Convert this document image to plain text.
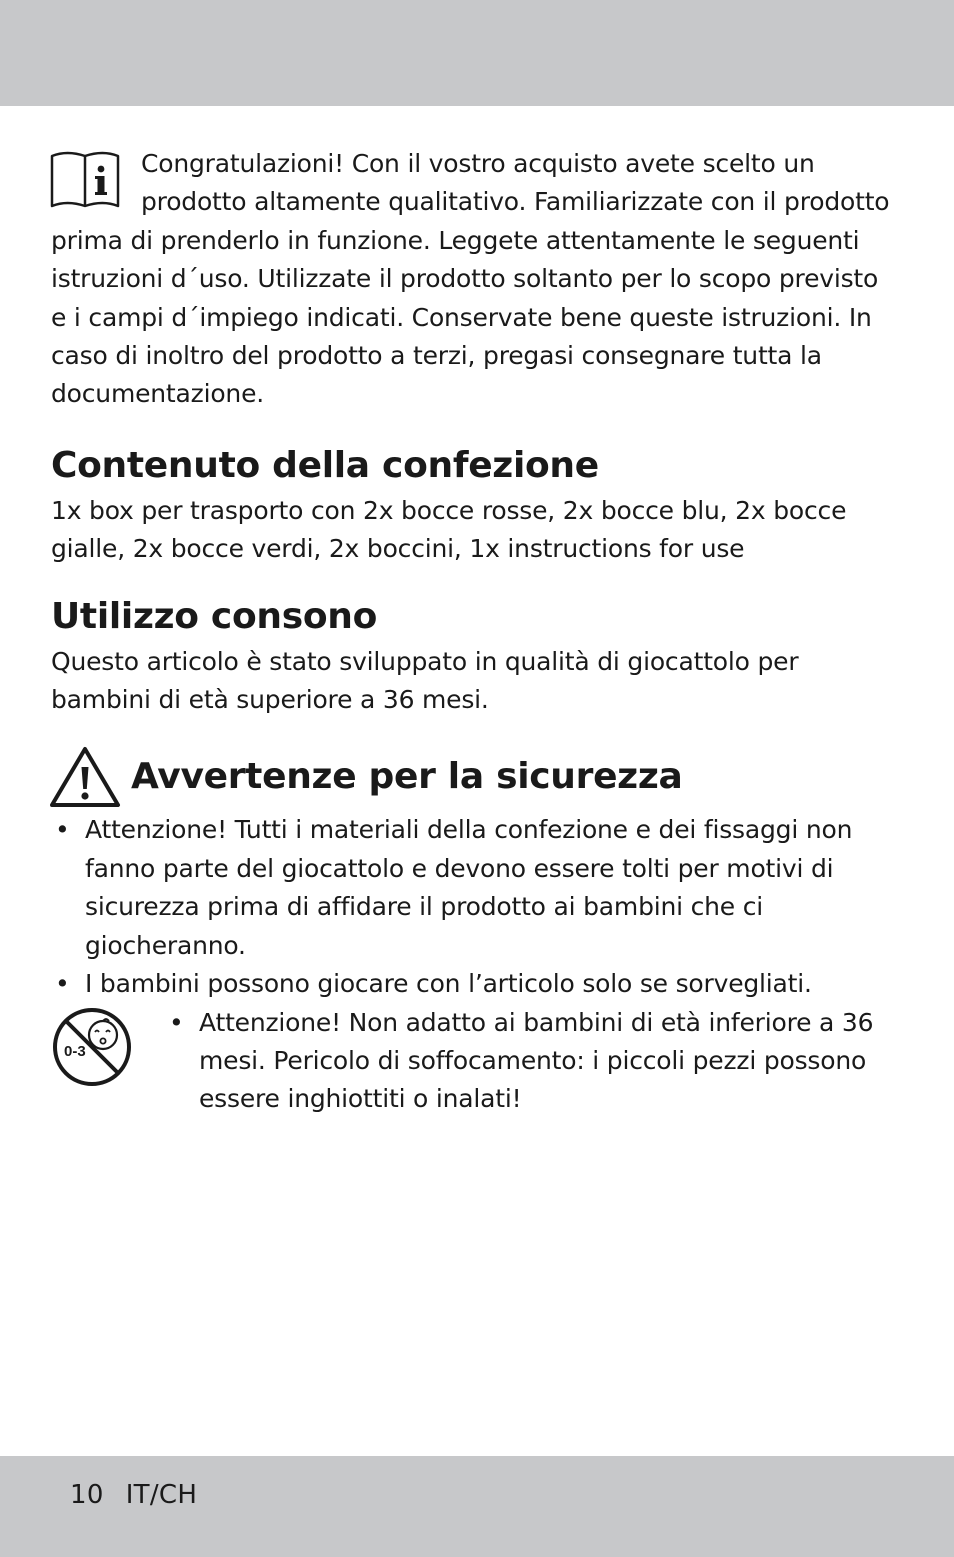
Congratulazioni! Con il vostro acquisto avete scelto un prodotto altamente qualitativo. Familiarizzate con il prodotto prima di prenderlo in funzione. Leggete attentamente le seguenti istruzioni d´uso. Utilizzate il prodotto soltanto per lo scopo previsto e i campi d´impiego indicati. Conservate bene queste istruzioni. In caso di inoltro del prodotto a terzi, pregasi consegnare tutta la documentazione.

Contenuto della confezione

1x box per trasporto con 2x bocce rosse, 2x bocce blu, 2x bocce gialle, 2x bocce verdi, 2x boccini, 1x instructions for use

Utilizzo consono

Questo articolo è stato sviluppato in qualità di giocattolo per bambini di età superiore a 36 mesi.

Avvertenze per la sicurezza
• Attenzione! Tutti i materiali della confezione e dei fissaggi non fanno parte del giocattolo e devono essere tolti per motivi di sicurezza prima di affidare il prodotto ai bambini che ci giocheranno.
• I bambini possono giocare con l’articolo solo se sorvegliati.
0-3
• Attenzione! Non adatto ai bambini di età inferiore a 36 mesi. Pericolo di soffocamento: i piccoli pezzi possono essere inghiottiti o inalati!
10 IT/CH
